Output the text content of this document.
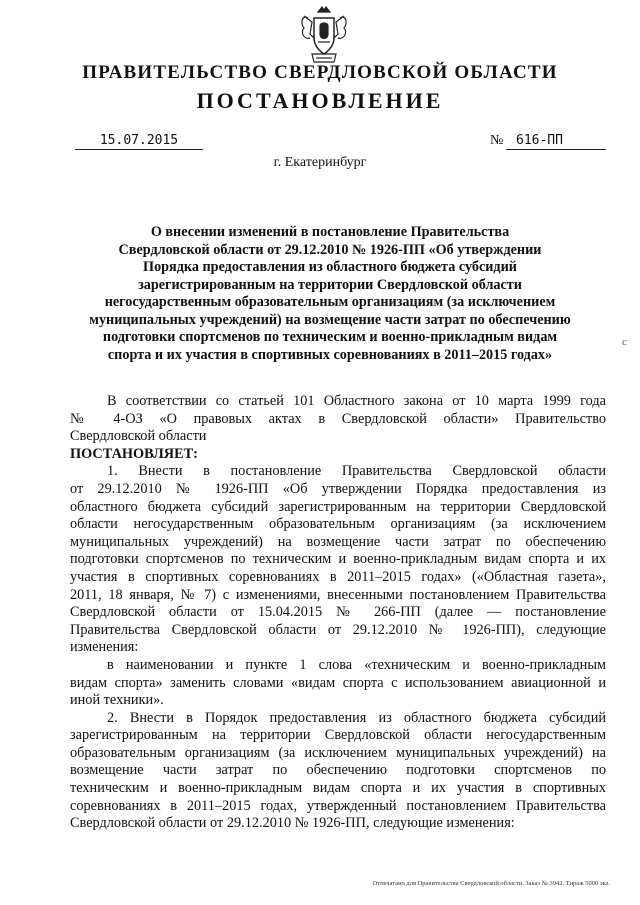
ПРАВИТЕЛЬСТВО СВЕРДЛОВСКОЙ ОБЛАСТИ
ПОСТАНОВЛЕНИЕ
15.07.2015	№ 616-ПП
г. Екатеринбург
О внесении изменений в постановление Правительства
Свердловской области от 29.12.2010 № 1926-ПП «Об утверждении
Порядка предоставления из областного бюджета субсидий
зарегистрированным на территории Свердловской области
негосударственным образовательным организациям (за исключением
муниципальных учреждений) на возмещение части затрат по обеспечению
подготовки спортсменов по техническим и военно-прикладным видам
спорта и их участия в спортивных соревнованиях в 2011–2015 годах»
c
В соответствии со статьей 101 Областного закона от 10 марта 1999 года
№ 4-ОЗ «О правовых актах в Свердловской области» Правительство
Свердловской области
ПОСТАНОВЛЯЕТ:
1. Внести в постановление Правительства Свердловской области
от 29.12.2010 № 1926-ПП «Об утверждении Порядка предоставления из
областного бюджета субсидий зарегистрированным на территории Свердловской
области негосударственным образовательным организациям (за исключением
муниципальных учреждений) на возмещение части затрат по обеспечению
подготовки спортсменов по техническим и военно-прикладным видам спорта и их
участия в спортивных соревнованиях в 2011–2015 годах» («Областная газета»,
2011, 18 января, № 7) с изменениями, внесенными постановлением Правительства
Свердловской области от 15.04.2015 № 266-ПП (далее — постановление
Правительства Свердловской области от 29.12.2010 № 1926-ПП), следующие
изменения:
в наименовании и пункте 1 слова «техническим и военно-прикладным
видам спорта» заменить словами «видам спорта с использованием авиационной и
иной техники».
2. Внести в Порядок предоставления из областного бюджета субсидий
зарегистрированным на территории Свердловской области негосударственным
образовательным организациям (за исключением муниципальных учреждений) на
возмещение части затрат по обеспечению подготовки спортсменов по
техническим и военно-прикладным видам спорта и их участия в спортивных
соревнованиях в 2011–2015 годах, утвержденный постановлением Правительства
Свердловской области от 29.12.2010 № 1926-ПП, следующие изменения:
Отпечатано для Правительства Свердловской области. Заказ № 3942. Тираж 5000 экз.
